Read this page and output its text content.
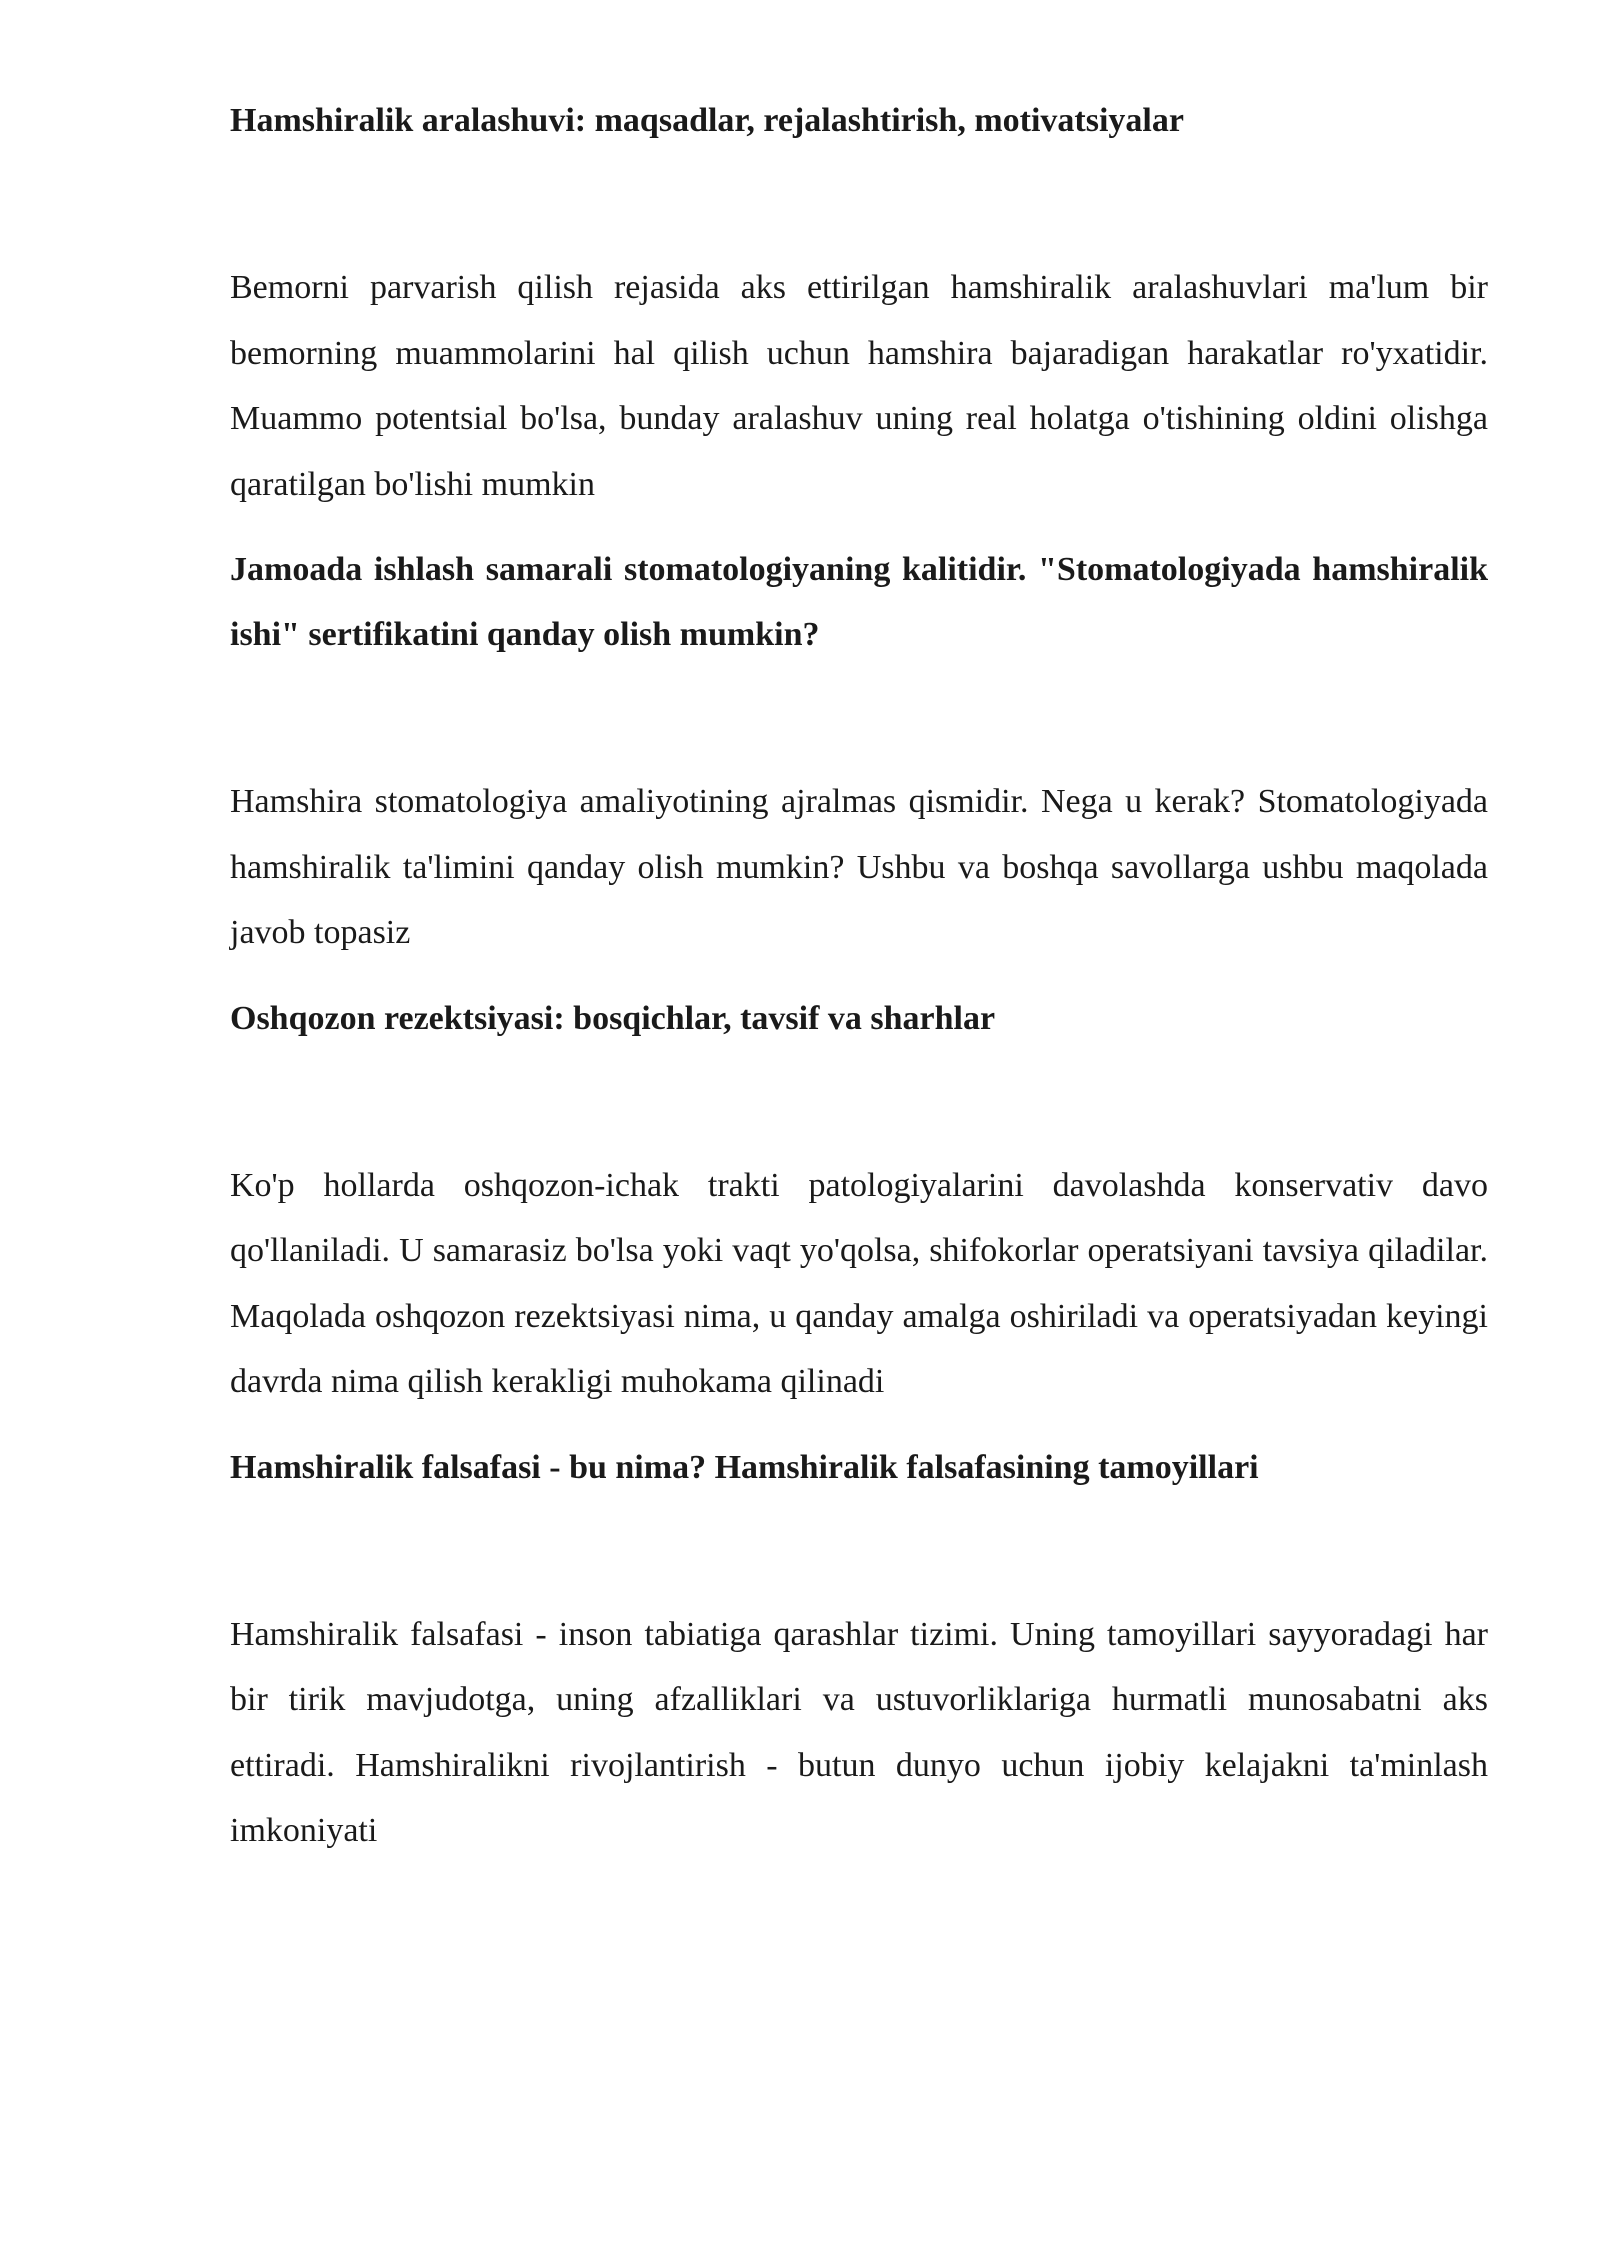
Hamshiralik aralashuvi: maqsadlar, rejalashtirish, motivatsiyalar

Bemorni parvarish qilish rejasida aks ettirilgan hamshiralik aralashuvlari ma'lum bir bemorning muammolarini hal qilish uchun hamshira bajaradigan harakatlar ro'yxatidir. Muammo potentsial bo'lsa, bunday aralashuv uning real holatga o'tishining oldini olishga qaratilgan bo'lishi mumkin

Jamoada ishlash samarali stomatologiyaning kalitidir. "Stomatologiyada hamshiralik ishi" sertifikatini qanday olish mumkin?

Hamshira stomatologiya amaliyotining ajralmas qismidir. Nega u kerak? Stomatologiyada hamshiralik ta'limini qanday olish mumkin? Ushbu va boshqa savollarga ushbu maqolada javob topasiz

Oshqozon rezektsiyasi: bosqichlar, tavsif va sharhlar

Ko'p hollarda oshqozon-ichak trakti patologiyalarini davolashda konservativ davo qo'llaniladi. U samarasiz bo'lsa yoki vaqt yo'qolsa, shifokorlar operatsiyani tavsiya qiladilar. Maqolada oshqozon rezektsiyasi nima, u qanday amalga oshiriladi va operatsiyadan keyingi davrda nima qilish kerakligi muhokama qilinadi

Hamshiralik falsafasi - bu nima? Hamshiralik falsafasining tamoyillari

Hamshiralik falsafasi - inson tabiatiga qarashlar tizimi. Uning tamoyillari sayyoradagi har bir tirik mavjudotga, uning afzalliklari va ustuvorliklariga hurmatli munosabatni aks ettiradi. Hamshiralikni rivojlantirish - butun dunyo uchun ijobiy kelajakni ta'minlash imkoniyati
